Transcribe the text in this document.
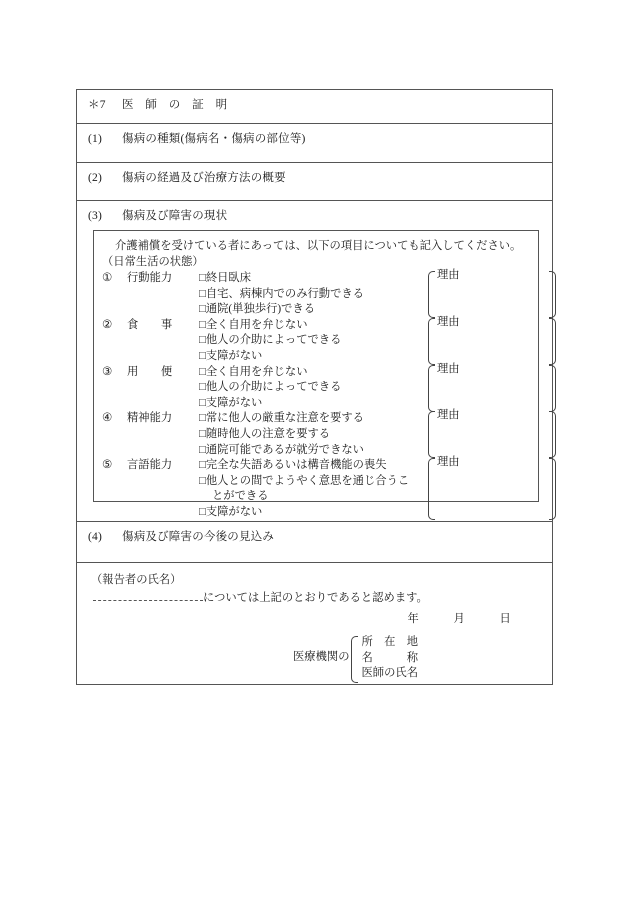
＊7 医　師　の　証　明
(1) 傷病の種類(傷病名・傷病の部位等)
(2) 傷病の経過及び治療方法の概要
(3) 傷病及び障害の現状
介護補償を受けている者にあっては、以下の項目についても記入してください。
（日常生活の状態）
① 行動能力 □終日臥床
□自宅、病棟内でのみ行動できる
□通院(単独歩行)できる
理由
② 食　　事 □全く自用を弁じない
□他人の介助によってできる
□支障がない
理由
③ 用　　便 □全く自用を弁じない
□他人の介助によってできる
□支障がない
理由
④ 精神能力 □常に他人の厳重な注意を要する
□随時他人の注意を要する
□通院可能であるが就労できない
理由
⑤ 言語能力 □完全な失語あるいは構音機能の喪失
□他人との間でようやく意思を通じ合うこ
とができる
□支障がない
理由
(4) 傷病及び障害の今後の見込み
（報告者の氏名）
については上記のとおりであると認めます。
年	月	日
医療機関の
所　在　地
名　　　称
医師の氏名
